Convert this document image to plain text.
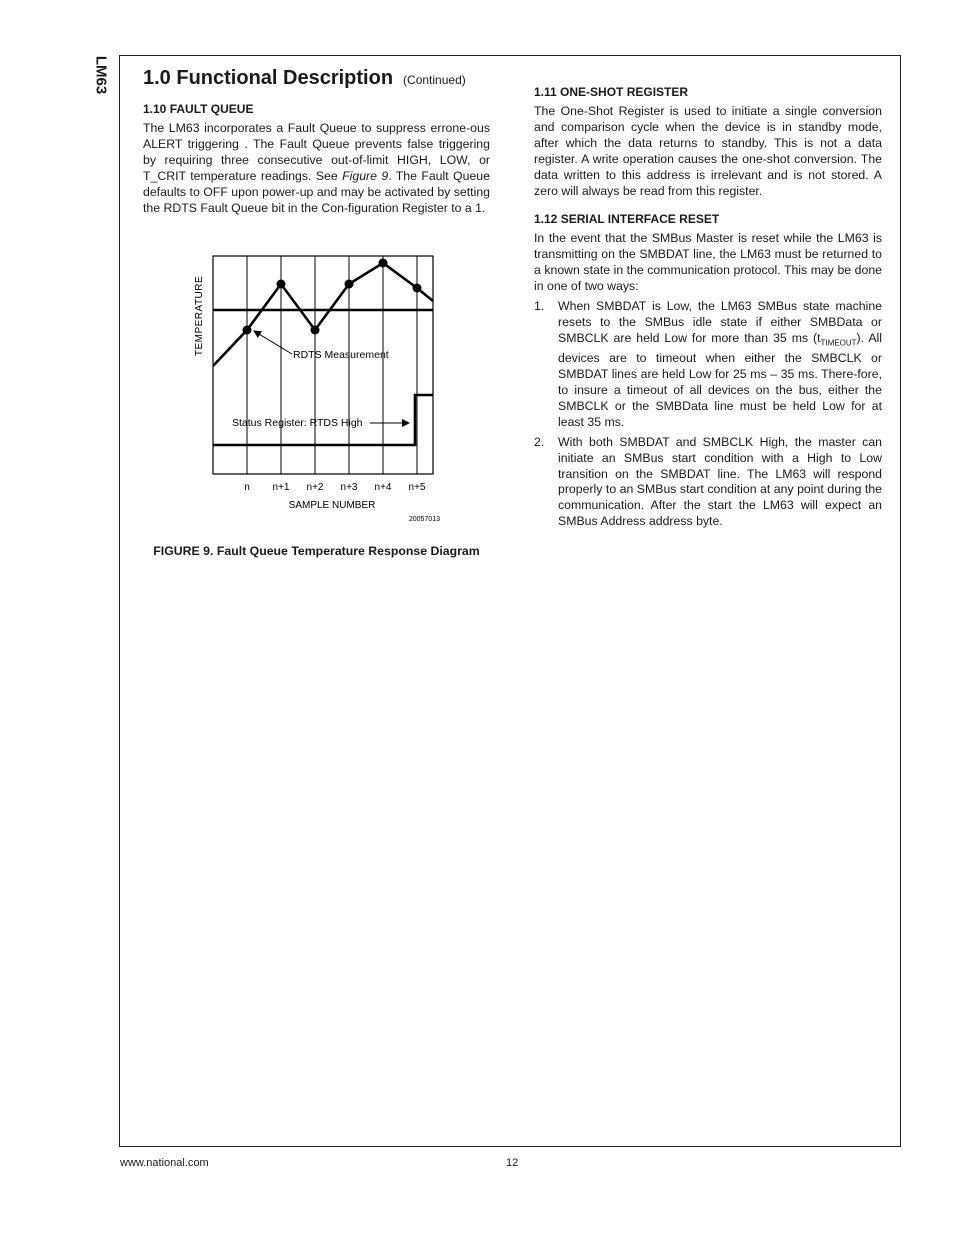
LM63 1.0 Functional Description (Continued)
1.10 FAULT QUEUE

The LM63 incorporates a Fault Queue to suppress errone-ous ALERT triggering . The Fault Queue prevents false triggering by requiring three consecutive out-of-limit HIGH, LOW, or T_CRIT temperature readings. See Figure 9. The Fault Queue defaults to OFF upon power-up and may be activated by setting the RDTS Fault Queue bit in the Con-figuration Register to a 1.

RDTS Measurement
Status Register: RTDS High
TEMPERATURE
n n+1 n+2 n+3 n+4 n+5
SAMPLE NUMBER
20057013
FIGURE 9. Fault Queue Temperature Response Diagram
1.11 ONE-SHOT REGISTER

The One-Shot Register is used to initiate a single conversion and comparison cycle when the device is in standby mode, after which the data returns to standby. This is not a data register. A write operation causes the one-shot conversion. The data written to this address is irrelevant and is not stored. A zero will always be read from this register.

1.12 SERIAL INTERFACE RESET

In the event that the SMBus Master is reset while the LM63 is transmitting on the SMBDAT line, the LM63 must be returned to a known state in the communication protocol. This may be done in one of two ways:

1. When SMBDAT is Low, the LM63 SMBus state machine resets to the SMBus idle state if either SMBData or SMBCLK are held Low for more than 35 ms $(t_{TIMEOUT})$. All devices are to timeout when either the SMBCLK or SMBDAT lines are held Low for 25 ms – 35 ms. There-fore, to insure a timeout of all devices on the bus, either the SMBCLK or the SMBData line must be held Low for at least 35 ms.
2. With both SMBDAT and SMBCLK High, the master can initiate an SMBus start condition with a High to Low transition on the SMBDAT line. The LM63 will respond properly to an SMBus start condition at any point during the communication. After the start the LM63 will expect an SMBus Address address byte.
www.national.com	12
